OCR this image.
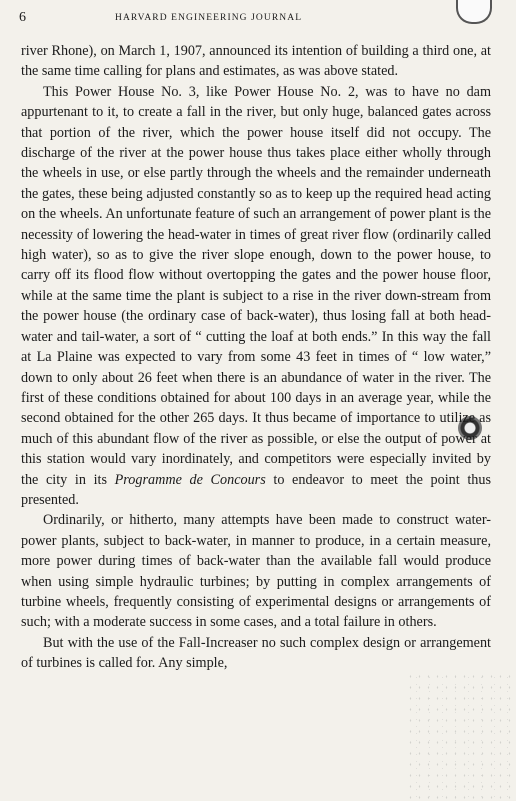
6	HARVARD ENGINEERING JOURNAL

river Rhone), on March 1, 1907, announced its intention of building a third one, at the same time calling for plans and estimates, as was above stated.

This Power House No. 3, like Power House No. 2, was to have no dam appurtenant to it, to create a fall in the river, but only huge, balanced gates across that portion of the river, which the power house itself did not occupy. The discharge of the river at the power house thus takes place either wholly through the wheels in use, or else partly through the wheels and the remainder underneath the gates, these being adjusted constantly so as to keep up the required head acting on the wheels. An unfortunate feature of such an arrangement of power plant is the necessity of lowering the head-water in times of great river flow (ordinarily called high water), so as to give the river slope enough, down to the power house, to carry off its flood flow without overtopping the gates and the power house floor, while at the same time the plant is subject to a rise in the river down-stream from the power house (the ordinary case of back-water), thus losing fall at both head-water and tail-water, a sort of “ cutting the loaf at both ends.” In this way the fall at La Plaine was expected to vary from some 43 feet in times of “ low water,” down to only about 26 feet when there is an abundance of water in the river. The first of these conditions obtained for about 100 days in an average year, while the second obtained for the other 265 days. It thus became of importance to utilize as much of this abundant flow of the river as possible, or else the output of power at this station would vary inordinately, and competitors were especially invited by the city in its Programme de Concours to endeavor to meet the point thus presented.

Ordinarily, or hitherto, many attempts have been made to construct water-power plants, subject to back-water, in manner to produce, in a certain measure, more power during times of back-water than the available fall would produce when using simple hydraulic turbines; by putting in complex arrangements of turbine wheels, frequently consisting of experimental designs or arrangements of such; with a moderate success in some cases, and a total failure in others.

But with the use of the Fall-Increaser no such complex design or arrangement of turbines is called for. Any simple,
